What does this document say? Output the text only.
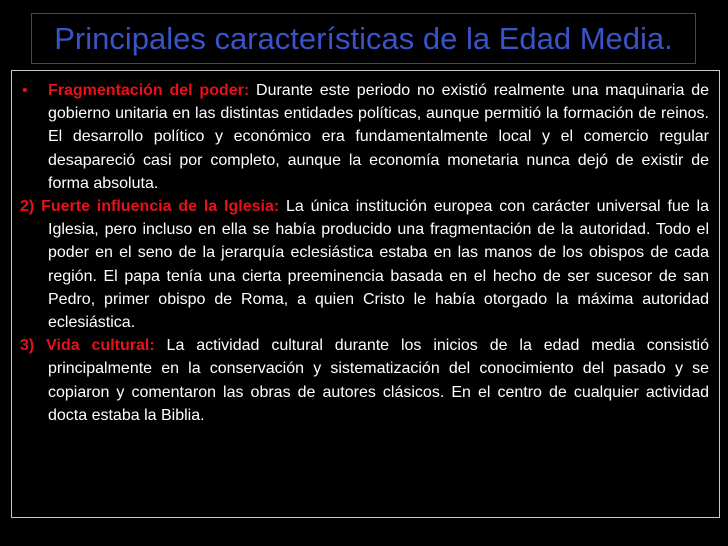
Principales características de la Edad Media.

• Fragmentación del poder: Durante este periodo no existió realmente una maquinaria de gobierno unitaria en las distintas entidades políticas, aunque permitió la formación de reinos. El desarrollo político y económico era fundamentalmente local y el comercio regular desapareció casi por completo, aunque la economía monetaria nunca dejó de existir de forma absoluta.

2) Fuerte influencia de la Iglesia: La única institución europea con carácter universal fue la Iglesia, pero incluso en ella se había producido una fragmentación de la autoridad. Todo el poder en el seno de la jerarquía eclesiástica estaba en las manos de los obispos de cada región. El papa tenía una cierta preeminencia basada en el hecho de ser sucesor de san Pedro, primer obispo de Roma, a quien Cristo le había otorgado la máxima autoridad eclesiástica.

3) Vida cultural: La actividad cultural durante los inicios de la edad media consistió principalmente en la conservación y sistematización del conocimiento del pasado y se copiaron y comentaron las obras de autores clásicos. En el centro de cualquier actividad docta estaba la Biblia.
